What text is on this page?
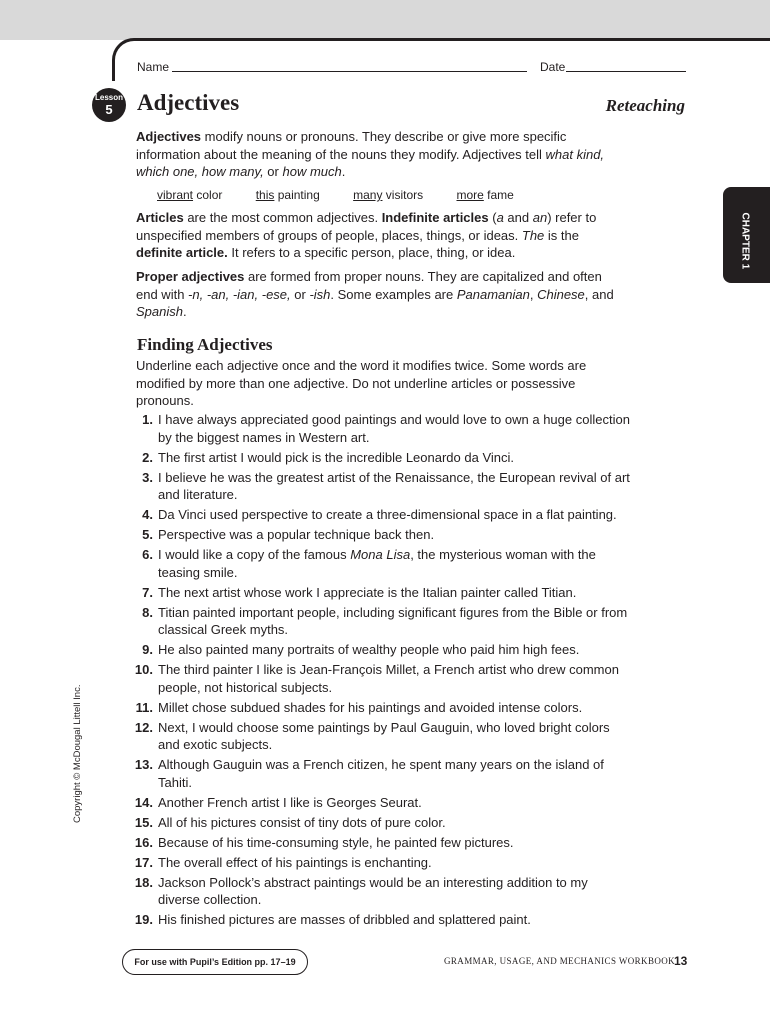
Name	Date
Lesson
5	Adjectives	Reteaching
CHAPTER 1
Adjectives modify nouns or pronouns. They describe or give more specific information about the meaning of the nouns they modify. Adjectives tell what kind, which one, how many, or how much.
vibrant color	this painting	many visitors	more fame
Articles are the most common adjectives. Indefinite articles (a and an) refer to unspecified members of groups of people, places, things, or ideas. The is the definite article. It refers to a specific person, place, thing, or idea.
Proper adjectives are formed from proper nouns. They are capitalized and often end with -n, -an, -ian, -ese, or -ish. Some examples are Panamanian, Chinese, and Spanish.
Finding Adjectives
Underline each adjective once and the word it modifies twice. Some words are modified by more than one adjective. Do not underline articles or possessive pronouns.
1. I have always appreciated good paintings and would love to own a huge collection by the biggest names in Western art.
2. The first artist I would pick is the incredible Leonardo da Vinci.
3. I believe he was the greatest artist of the Renaissance, the European revival of art and literature.
4. Da Vinci used perspective to create a three-dimensional space in a flat painting.
5. Perspective was a popular technique back then.
6. I would like a copy of the famous Mona Lisa, the mysterious woman with the teasing smile.
7. The next artist whose work I appreciate is the Italian painter called Titian.
8. Titian painted important people, including significant figures from the Bible or from classical Greek myths.
9. He also painted many portraits of wealthy people who paid him high fees.
10. The third painter I like is Jean-François Millet, a French artist who drew common people, not historical subjects.
11. Millet chose subdued shades for his paintings and avoided intense colors.
12. Next, I would choose some paintings by Paul Gauguin, who loved bright colors and exotic subjects.
13. Although Gauguin was a French citizen, he spent many years on the island of Tahiti.
14. Another French artist I like is Georges Seurat.
15. All of his pictures consist of tiny dots of pure color.
16. Because of his time-consuming style, he painted few pictures.
17. The overall effect of his paintings is enchanting.
18. Jackson Pollock’s abstract paintings would be an interesting addition to my diverse collection.
19. His finished pictures are masses of dribbled and splattered paint.
Copyright © McDougal Littell Inc.
For use with Pupil’s Edition pp. 17–19	GRAMMAR, USAGE, AND MECHANICS WORKBOOK
13
